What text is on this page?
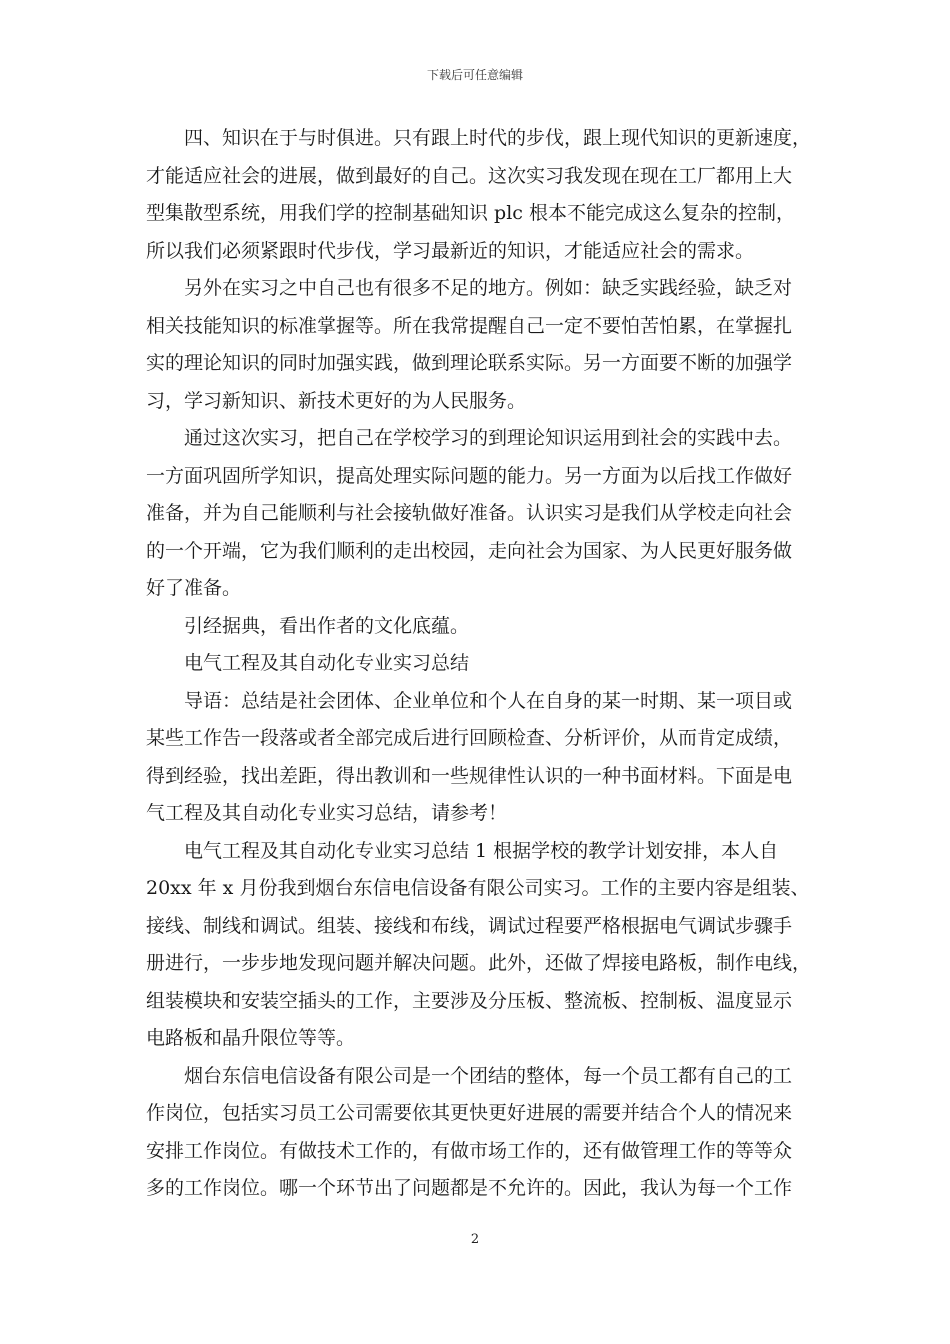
下载后可任意编辑
四、知识在于与时俱进。只有跟上时代的步伐，跟上现代知识的更新速度，
才能适应社会的进展，做到最好的自己。这次实习我发现在现在工厂都用上大
型集散型系统，用我们学的控制基础知识 plc 根本不能完成这么复杂的控制，
所以我们必须紧跟时代步伐，学习最新近的知识，才能适应社会的需求。
另外在实习之中自己也有很多不足的地方。例如：缺乏实践经验，缺乏对
相关技能知识的标准掌握等。所在我常提醒自己一定不要怕苦怕累，在掌握扎
实的理论知识的同时加强实践，做到理论联系实际。另一方面要不断的加强学
习，学习新知识、新技术更好的为人民服务。
通过这次实习，把自己在学校学习的到理论知识运用到社会的实践中去。
一方面巩固所学知识，提高处理实际问题的能力。另一方面为以后找工作做好
准备，并为自己能顺利与社会接轨做好准备。认识实习是我们从学校走向社会
的一个开端，它为我们顺利的走出校园，走向社会为国家、为人民更好服务做
好了准备。
引经据典，看出作者的文化底蕴。
电气工程及其自动化专业实习总结
导语：总结是社会团体、企业单位和个人在自身的某一时期、某一项目或
某些工作告一段落或者全部完成后进行回顾检查、分析评价，从而肯定成绩，
得到经验，找出差距，得出教训和一些规律性认识的一种书面材料。下面是电
气工程及其自动化专业实习总结，请参考！
电气工程及其自动化专业实习总结 1 根据学校的教学计划安排，本人自
20xx 年 x 月份我到烟台东信电信设备有限公司实习。工作的主要内容是组装、
接线、制线和调试。组装、接线和布线，调试过程要严格根据电气调试步骤手
册进行，一步步地发现问题并解决问题。此外，还做了焊接电路板，制作电线，
组装模块和安装空插头的工作，主要涉及分压板、整流板、控制板、温度显示
电路板和晶升限位等等。
烟台东信电信设备有限公司是一个团结的整体，每一个员工都有自己的工
作岗位，包括实习员工公司需要依其更快更好进展的需要并结合个人的情况来
安排工作岗位。有做技术工作的，有做市场工作的，还有做管理工作的等等众
多的工作岗位。哪一个环节出了问题都是不允许的。因此，我认为每一个工作
2
